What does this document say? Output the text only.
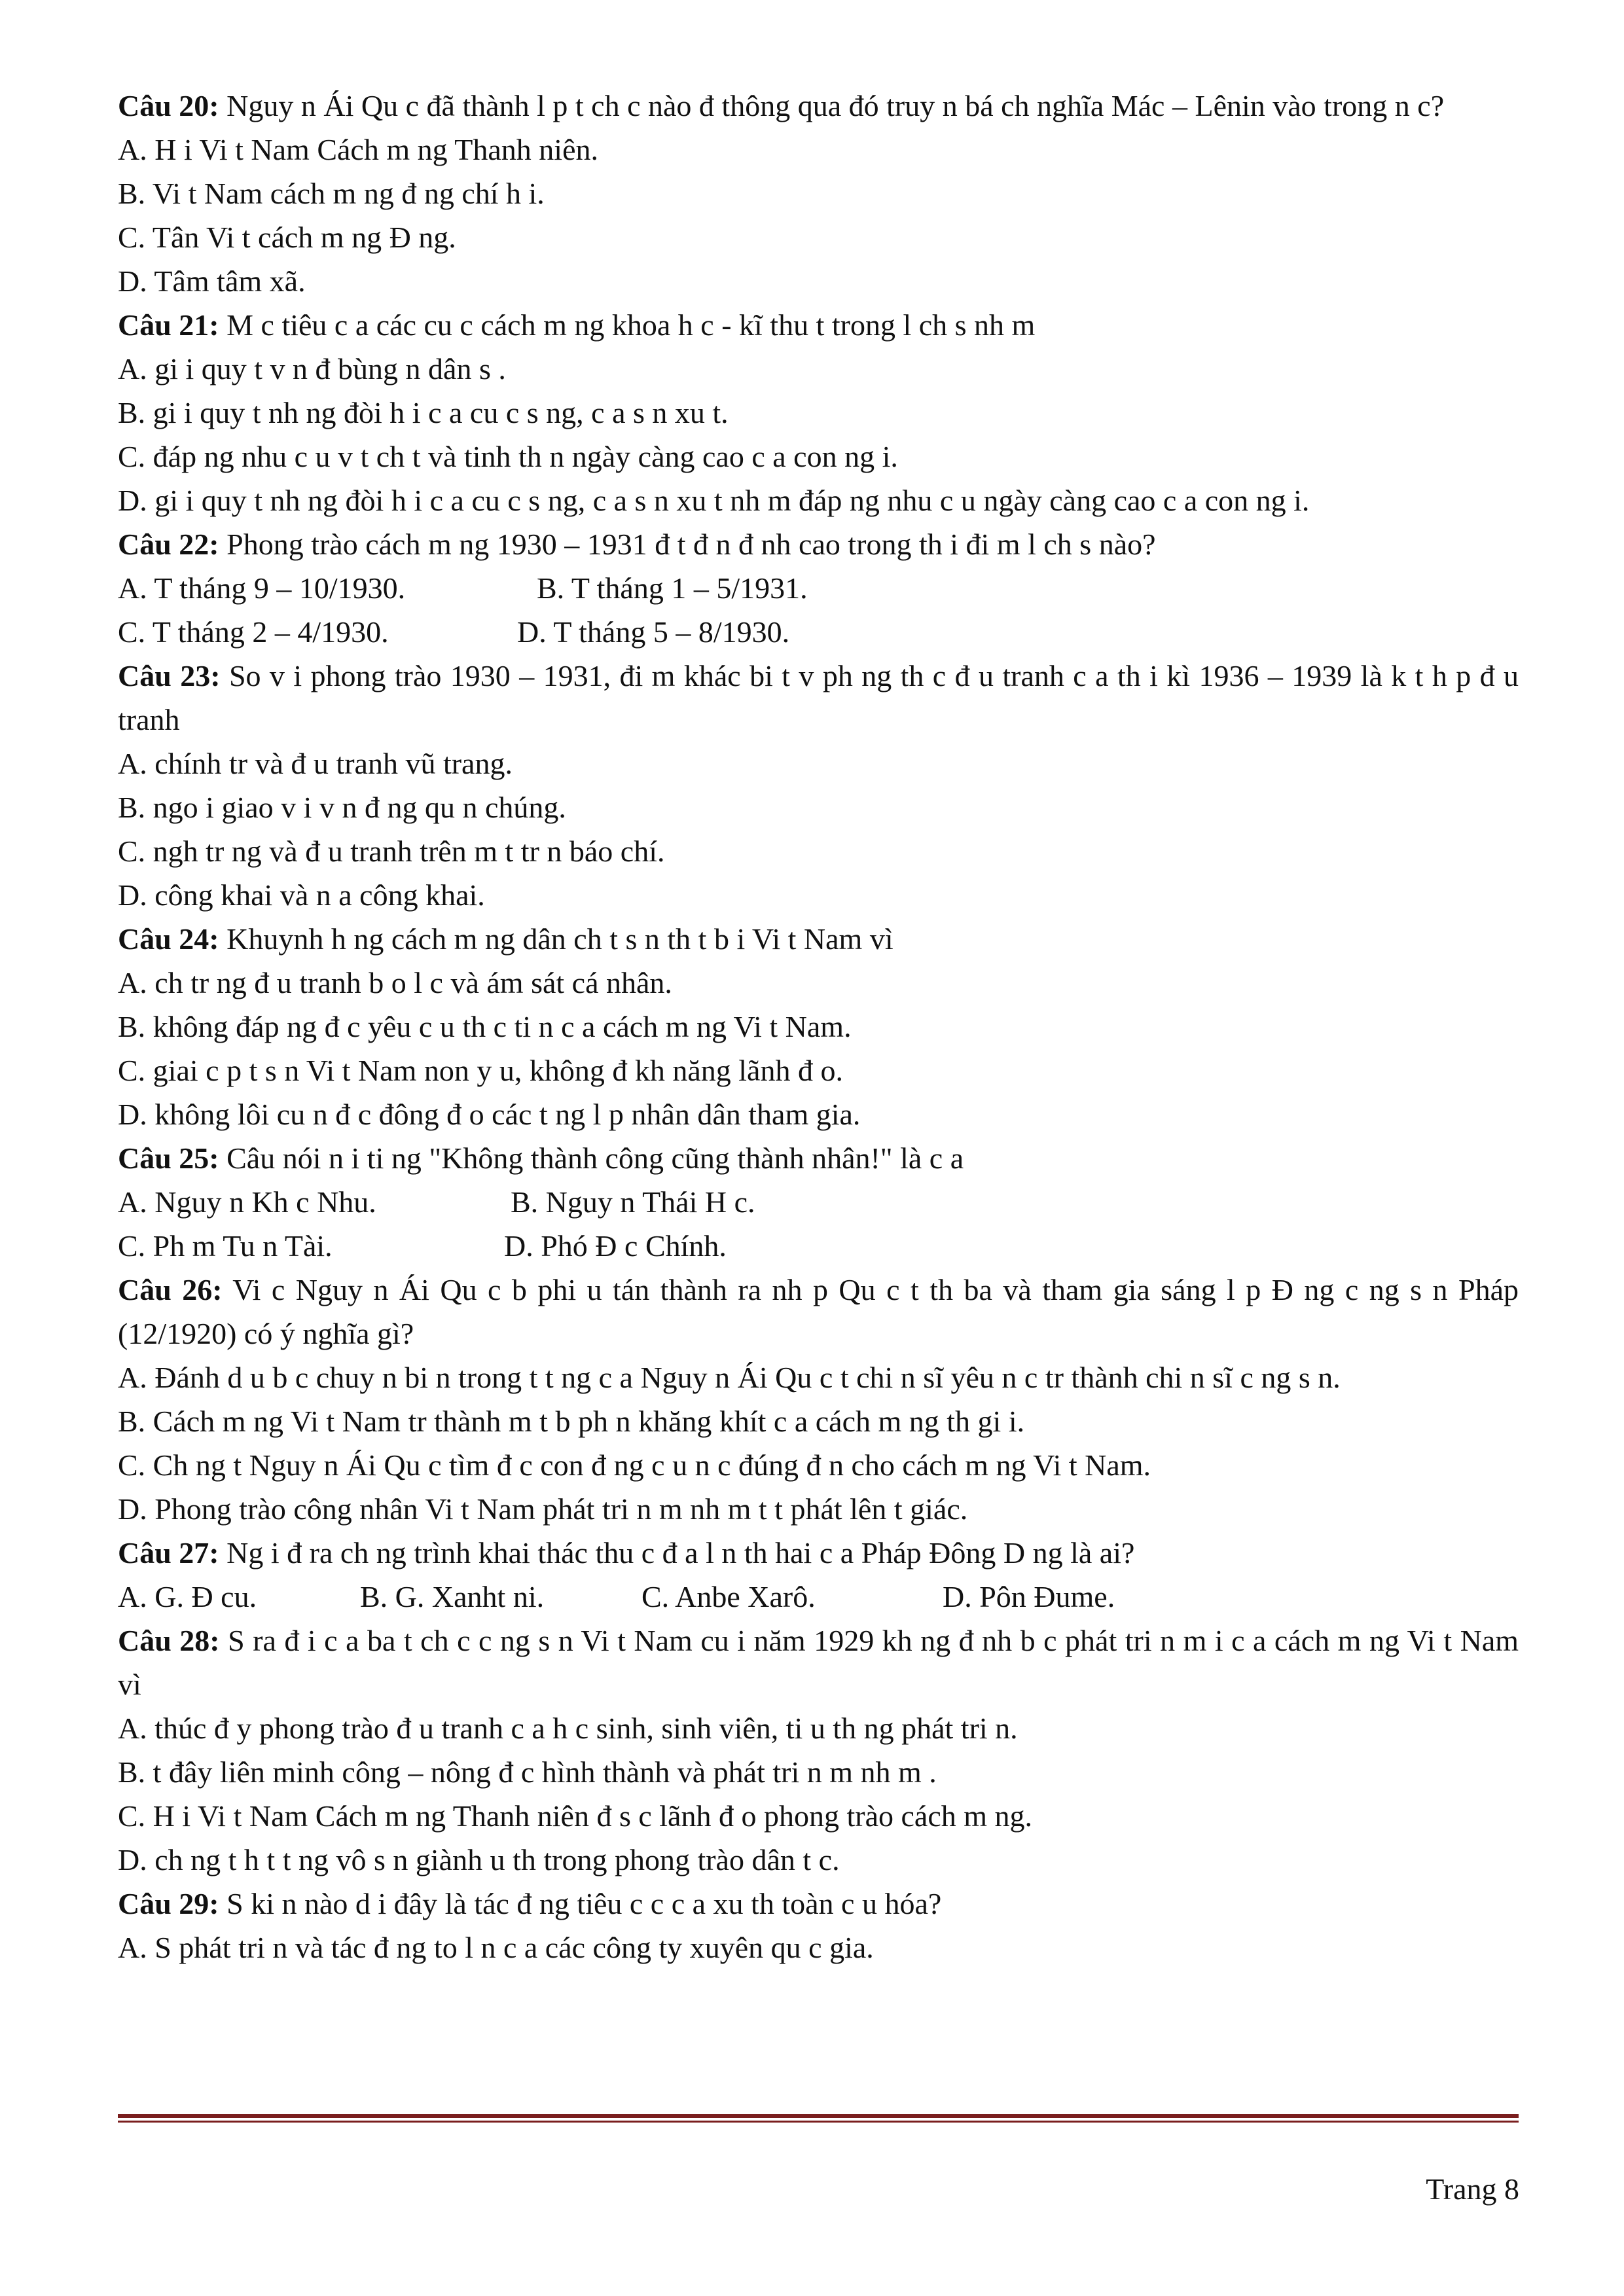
Câu 20: Nguy n Ái Qu c đã thành l p t ch c nào đ thông qua đó truy n bá ch nghĩa Mác – Lênin vào trong n c?

A. H i Vi t Nam Cách m ng Thanh niên.

B. Vi t Nam cách m ng đ ng chí h i.

C. Tân Vi t cách m ng Đ ng.

D. Tâm tâm xã.

Câu 21: M c tiêu c a các cu c cách m ng khoa h c - kĩ thu t trong l ch s nh m

A. gi i quy t v n đ bùng n dân s .

B. gi i quy t nh ng đòi h i c a cu c s ng, c a s n xu t.

C. đáp ng nhu c u v t ch t và tinh th n ngày càng cao c a con ng i.

D. gi i quy t nh ng đòi h i c a cu c s ng, c a s n xu t nh m đáp ng nhu c u ngày càng cao c a con ng i.

Câu 22: Phong trào cách m ng 1930 – 1931 đ t đ n đ nh cao trong th i đi m l ch s nào?

A. T tháng 9 – 10/1930.	B. T tháng 1 – 5/1931.
C. T tháng 2 – 4/1930.	D. T tháng 5 – 8/1930.

Câu 23: So v i phong trào 1930 – 1931, đi m khác bi t v ph ng th c đ u tranh c a th i kì 1936 – 1939 là k t h p đ u tranh

A. chính tr và đ u tranh vũ trang.

B. ngo i giao v i v n đ ng qu n chúng.

C. ngh tr ng và đ u tranh trên m t tr n báo chí.

D. công khai và n a công khai.

Câu 24: Khuynh h ng cách m ng dân ch t s n th t b i Vi t Nam vì

A. ch tr ng đ u tranh b o l c và ám sát cá nhân.

B. không đáp ng đ c yêu c u th c ti n c a cách m ng Vi t Nam.

C. giai c p t s n Vi t Nam non y u, không đ kh năng lãnh đ o.

D. không lôi cu n đ c đông đ o các t ng l p nhân dân tham gia.

Câu 25: Câu nói n i ti ng "Không thành công cũng thành nhân!" là c a

A. Nguy n Kh c Nhu.	B. Nguy n Thái H c.
C. Ph m Tu n Tài.	D. Phó Đ c Chính.

Câu 26: Vi c Nguy n Ái Qu c b phi u tán thành ra nh p Qu c t th ba và tham gia sáng l p Đ ng c ng s n Pháp (12/1920) có ý nghĩa gì?

A. Đánh d u b c chuy n bi n trong t t ng c a Nguy n Ái Qu c t chi n sĩ yêu n c tr thành chi n sĩ c ng s n.

B. Cách m ng Vi t Nam tr thành m t b ph n khăng khít c a cách m ng th gi i.

C. Ch ng t Nguy n Ái Qu c tìm đ c con đ ng c u n c đúng đ n cho cách m ng Vi t Nam.

D. Phong trào công nhân Vi t Nam phát tri n m nh m t t phát lên t giác.

Câu 27: Ng i đ ra ch ng trình khai thác thu c đ a l n th hai c a Pháp Đông D ng là ai?

A. G. Đ cu.	B. G. Xanht ni.	C. Anbe Xarô.	D. Pôn Đume.

Câu 28: S ra đ i c a ba t ch c c ng s n Vi t Nam cu i năm 1929 kh ng đ nh b c phát tri n m i c a cách m ng Vi t Nam vì

A. thúc đ y phong trào đ u tranh c a h c sinh, sinh viên, ti u th ng phát tri n.

B. t đây liên minh công – nông đ c hình thành và phát tri n m nh m .

C. H i Vi t Nam Cách m ng Thanh niên đ s c lãnh đ o phong trào cách m ng.

D. ch ng t h t t ng vô s n giành u th trong phong trào dân t c.

Câu 29: S ki n nào d i đây là tác đ ng tiêu c c c a xu th toàn c u hóa?

A. S phát tri n và tác đ ng to l n c a các công ty xuyên qu c gia.

Trang 8
